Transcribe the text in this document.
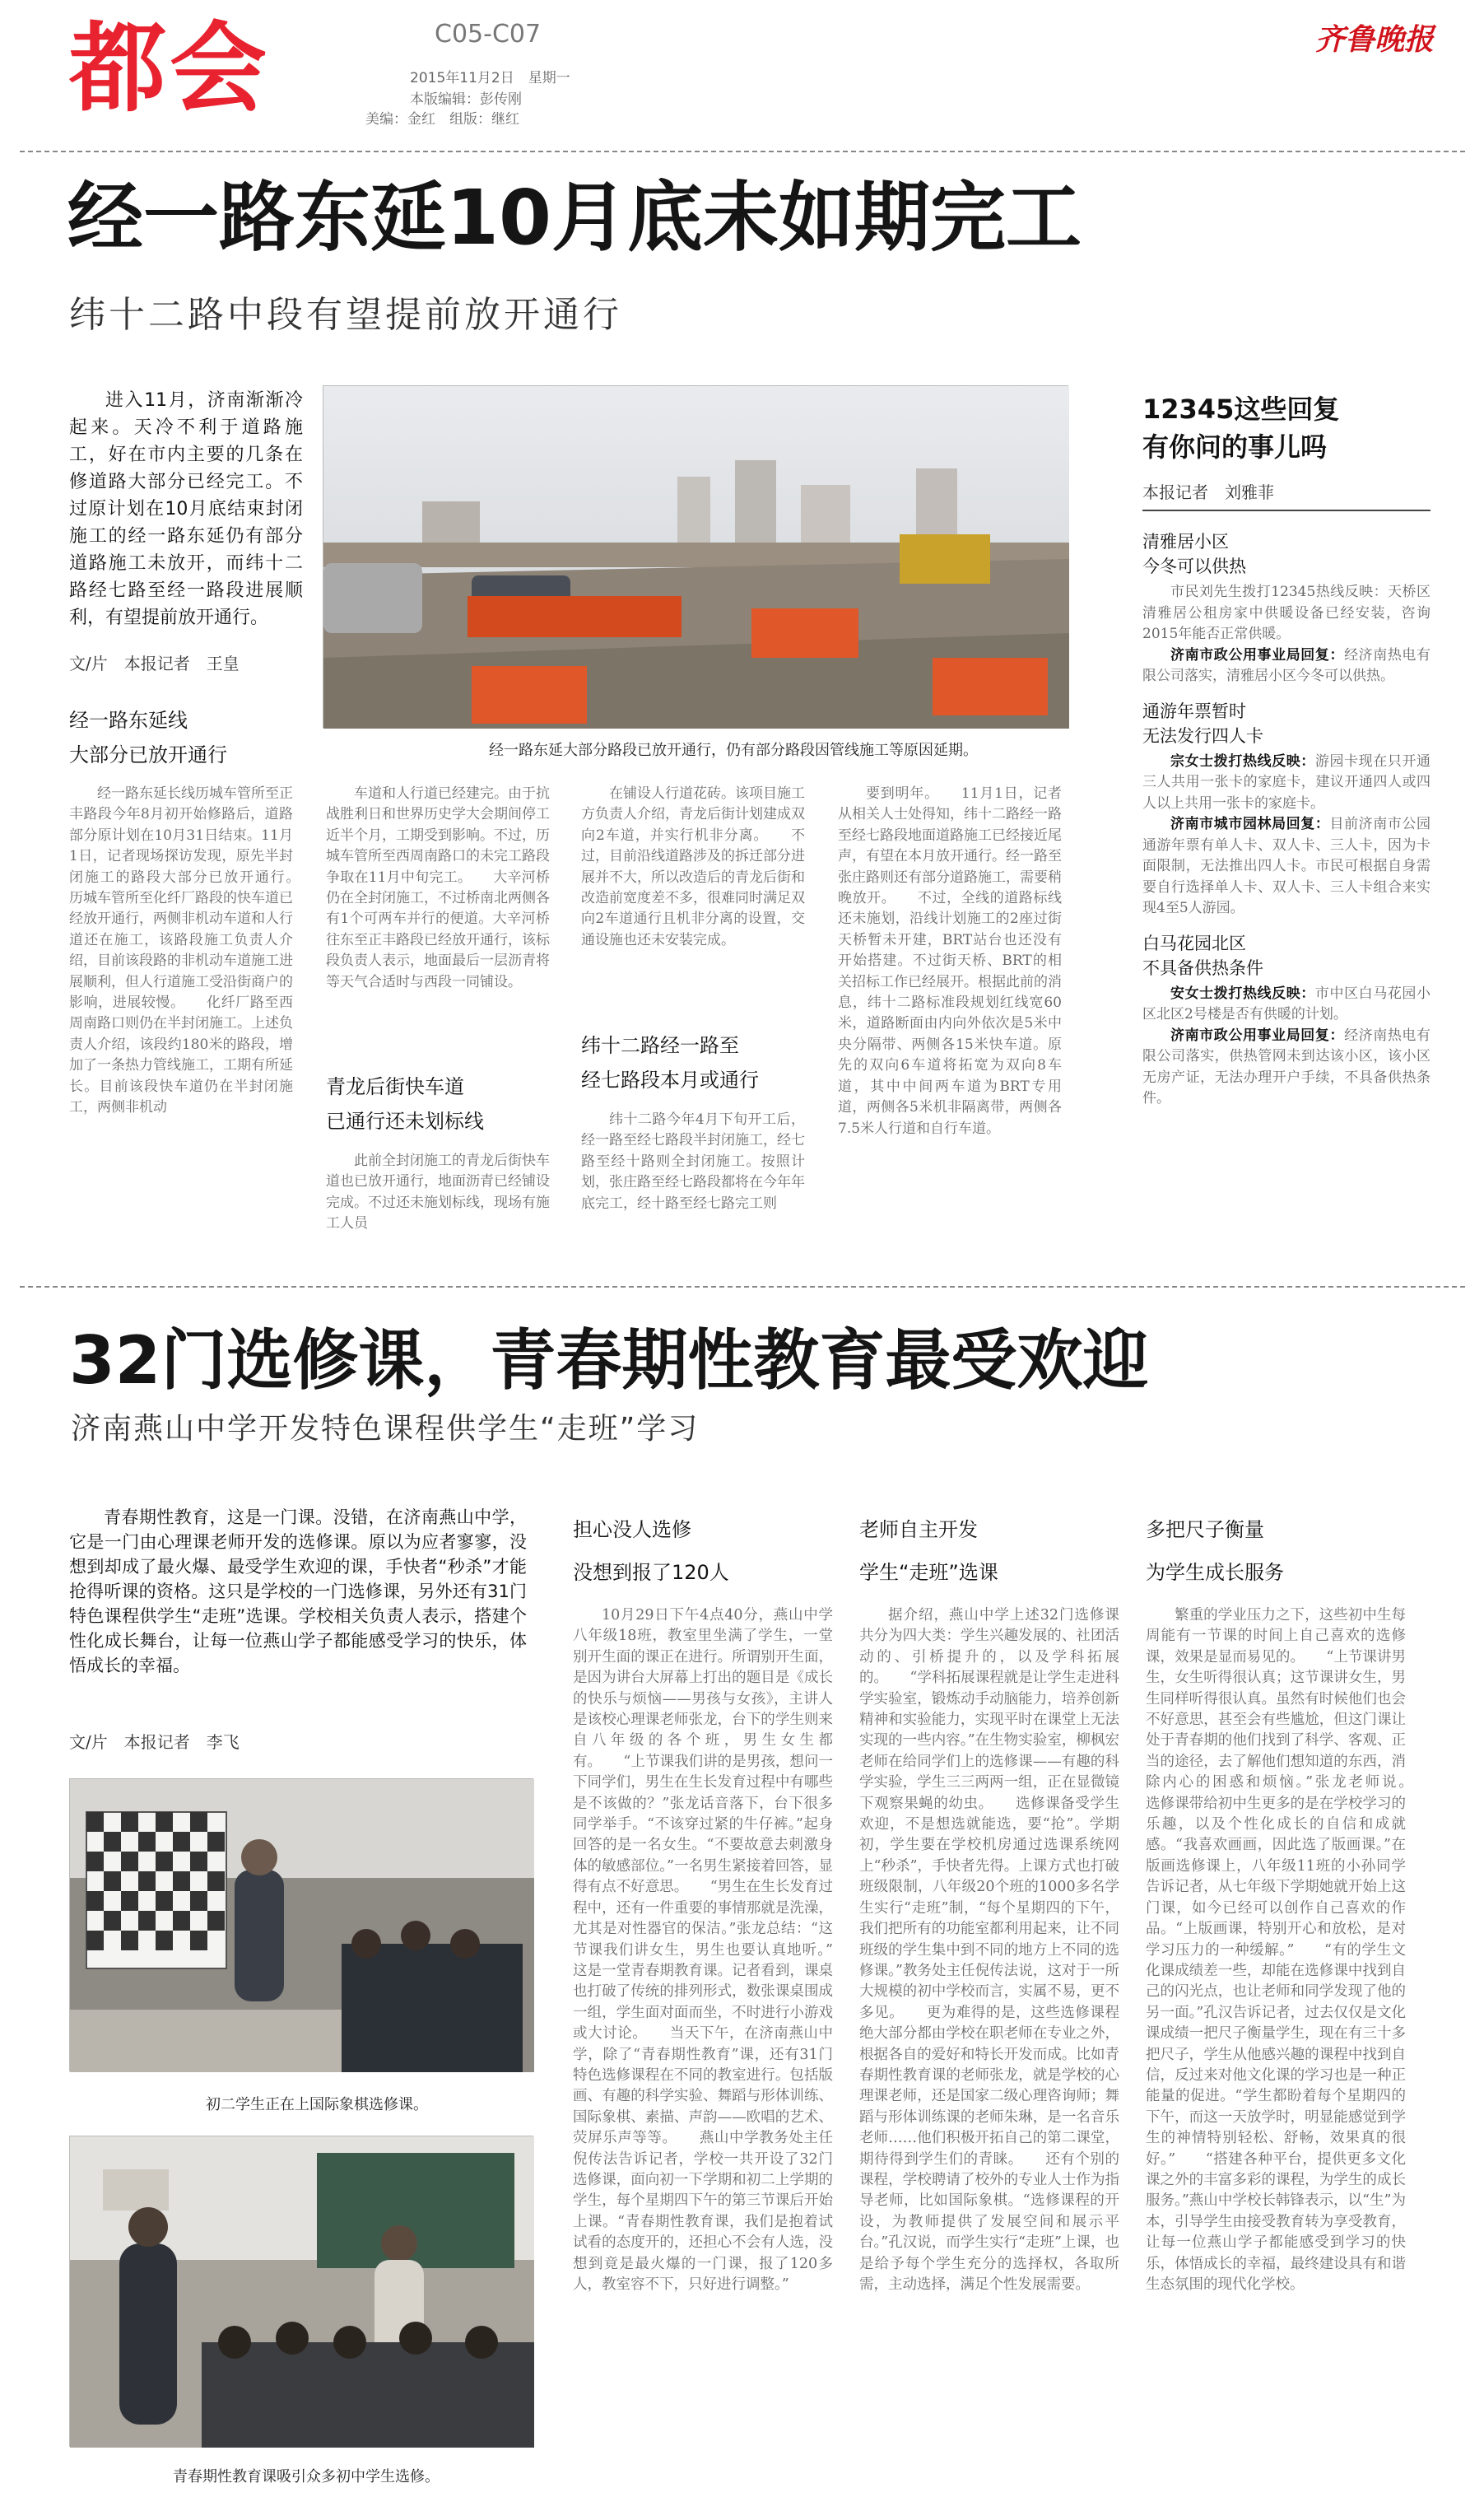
都会	C05-C07
2015年11月2日　星期一
本版编辑：彭传刚
美编：金红　组版：继红
齐鲁晚报
经一路东延10月底未如期完工
纬十二路中段有望提前放开通行
进入11月，济南渐渐冷起来。天冷不利于道路施工，好在市内主要的几条在修道路大部分已经完工。不过原计划在10月底结束封闭施工的经一路东延仍有部分道路施工未放开，而纬十二路经七路至经一路段进展顺利，有望提前放开通行。
文/片　本报记者　王皇
经一路东延线
大部分已放开通行	经一路东延大部分路段已放开通行，仍有部分路段因管线施工等原因延期。
经一路东延长线历城车管所至正丰路段今年8月初开始修路后，道路部分原计划在10月31日结束。11月1日，记者现场探访发现，原先半封闭施工的路段大部分已放开通行。　　历城车管所至化纤厂路段的快车道已经放开通行，两侧非机动车道和人行道还在施工，该路段施工负责人介绍，目前该段路的非机动车道施工进展顺利，但人行道施工受沿街商户的影响，进展较慢。　　化纤厂路至西周南路口则仍在半封闭施工。上述负责人介绍，该段约180米的路段，增加了一条热力管线施工，工期有所延长。目前该段快车道仍在半封闭施工，两侧非机动
车道和人行道已经建完。由于抗战胜利日和世界历史学大会期间停工近半个月，工期受到影响。不过，历城车管所至西周南路口的未完工路段争取在11月中旬完工。　　大辛河桥仍在全封闭施工，不过桥南北两侧各有1个可两车并行的便道。大辛河桥往东至正丰路段已经放开通行，该标段负责人表示，地面最后一层沥青将等天气合适时与西段一同铺设。
青龙后街快车道
已通行还未划标线
此前全封闭施工的青龙后街快车道也已放开通行，地面沥青已经铺设完成。不过还未施划标线，现场有施工人员
在铺设人行道花砖。该项目施工方负责人介绍，青龙后街计划建成双向2车道，并实行机非分离。　　不过，目前沿线道路涉及的拆迁部分进展并不大，所以改造后的青龙后街和改造前宽度差不多，很难同时满足双向2车道通行且机非分离的设置，交通设施也还未安装完成。
纬十二路经一路至
经七路段本月或通行
纬十二路今年4月下旬开工后，经一路至经七路段半封闭施工，经七路至经十路则全封闭施工。按照计划，张庄路至经七路段都将在今年年底完工，经十路至经七路完工则
要到明年。　　11月1日，记者从相关人士处得知，纬十二路经一路至经七路段地面道路施工已经接近尾声，有望在本月放开通行。经一路至张庄路则还有部分道路施工，需要稍晚放开。　　不过，全线的道路标线还未施划，沿线计划施工的2座过街天桥暂未开建，BRT站台也还没有开始搭建。不过街天桥、BRT的相关招标工作已经展开。根据此前的消息，纬十二路标准段规划红线宽60米，道路断面由内向外依次是5米中央分隔带、两侧各15米快车道。原先的双向6车道将拓宽为双向8车道，其中中间两车道为BRT专用道，两侧各5米机非隔离带，两侧各7.5米人行道和自行车道。
12345这些回复
有你问的事儿吗
本报记者　刘雅菲
清雅居小区
今冬可以供热

市民刘先生拨打12345热线反映：天桥区清雅居公租房家中供暖设备已经安装，咨询2015年能否正常供暖。

济南市政公用事业局回复：经济南热电有限公司落实，清雅居小区今冬可以供热。

通游年票暂时
无法发行四人卡

宗女士拨打热线反映：游园卡现在只开通三人共用一张卡的家庭卡，建议开通四人或四人以上共用一张卡的家庭卡。

济南市城市园林局回复：目前济南市公园通游年票有单人卡、双人卡、三人卡，因为卡面限制，无法推出四人卡。市民可根据自身需要自行选择单人卡、双人卡、三人卡组合来实现4至5人游园。

白马花园北区
不具备供热条件

安女士拨打热线反映：市中区白马花园小区北区2号楼是否有供暖的计划。

济南市政公用事业局回复：经济南热电有限公司落实，供热管网未到达该小区，该小区无房产证，无法办理开户手续，不具备供热条件。

32门选修课，青春期性教育最受欢迎
济南燕山中学开发特色课程供学生“走班”学习
青春期性教育，这是一门课。没错，在济南燕山中学，它是一门由心理课老师开发的选修课。原以为应者寥寥，没想到却成了最火爆、最受学生欢迎的课，手快者“秒杀”才能抢得听课的资格。这只是学校的一门选修课，另外还有31门特色课程供学生“走班”选课。学校相关负责人表示，搭建个性化成长舞台，让每一位燕山学子都能感受学习的快乐，体悟成长的幸福。
文/片　本报记者　李飞
初二学生正在上国际象棋选修课。
青春期性教育课吸引众多初中学生选修。
担心没人选修
没想到报了120人
10月29日下午4点40分，燕山中学八年级18班，教室里坐满了学生，一堂别开生面的课正在进行。所谓别开生面，是因为讲台大屏幕上打出的题目是《成长的快乐与烦恼——男孩与女孩》，主讲人是该校心理课老师张龙，台下的学生则来自八年级的各个班，男生女生都有。　　“上节课我们讲的是男孩，想问一下同学们，男生在生长发育过程中有哪些是不该做的？”张龙话音落下，台下很多同学举手。“不该穿过紧的牛仔裤。”起身回答的是一名女生。“不要故意去刺激身体的敏感部位。”一名男生紧接着回答，显得有点不好意思。　　“男生在生长发育过程中，还有一件重要的事情那就是洗澡，尤其是对性器官的保洁。”张龙总结：“这节课我们讲女生，男生也要认真地听。”　　这是一堂青春期教育课。记者看到，课桌也打破了传统的排列形式，数张课桌围成一组，学生面对面而坐，不时进行小游戏或大讨论。　　当天下午，在济南燕山中学，除了“青春期性教育”课，还有31门特色选修课程在不同的教室进行。包括版画、有趣的科学实验、舞蹈与形体训练、国际象棋、素描、声韵——欧唱的艺术、荧屏乐声等等。　　燕山中学教务处主任倪传法告诉记者，学校一共开设了32门选修课，面向初一下学期和初二上学期的学生，每个星期四下午的第三节课后开始上课。“青春期性教育课，我们是抱着试试看的态度开的，还担心不会有人选，没想到竟是最火爆的一门课，报了120多人，教室容不下，只好进行调整。”
老师自主开发
学生“走班”选课
据介绍，燕山中学上述32门选修课共分为四大类：学生兴趣发展的、社团活动的、引桥提升的，以及学科拓展的。　　“学科拓展课程就是让学生走进科学实验室，锻炼动手动脑能力，培养创新精神和实验能力，实现平时在课堂上无法实现的一些内容。”在生物实验室，柳枫宏老师在给同学们上的选修课——有趣的科学实验，学生三三两两一组，正在显微镜下观察果蝇的幼虫。　　选修课备受学生欢迎，不是想选就能选，要“抢”。学期初，学生要在学校机房通过选课系统网上“秒杀”，手快者先得。上课方式也打破班级限制，八年级20个班的1000多名学生实行“走班”制，“每个星期四的下午，我们把所有的功能室都利用起来，让不同班级的学生集中到不同的地方上不同的选修课。”教务处主任倪传法说，这对于一所大规模的初中学校而言，实属不易，更不多见。　　更为难得的是，这些选修课程绝大部分都由学校在职老师在专业之外，根据各自的爱好和特长开发而成。比如青春期性教育课的老师张龙，就是学校的心理课老师，还是国家二级心理咨询师；舞蹈与形体训练课的老师朱琳，是一名音乐老师……他们积极开拓自己的第二课堂，期待得到学生们的青睐。　　还有个别的课程，学校聘请了校外的专业人士作为指导老师，比如国际象棋。“选修课程的开设，为教师提供了发展空间和展示平台。”孔汉说，而学生实行“走班”上课，也是给予每个学生充分的选择权，各取所需，主动选择，满足个性发展需要。
多把尺子衡量
为学生成长服务
繁重的学业压力之下，这些初中生每周能有一节课的时间上自己喜欢的选修课，效果是显而易见的。　　“上节课讲男生，女生听得很认真；这节课讲女生，男生同样听得很认真。虽然有时候他们也会不好意思，甚至会有些尴尬，但这门课让处于青春期的他们找到了科学、客观、正当的途径，去了解他们想知道的东西，消除内心的困惑和烦恼。”张龙老师说。　　选修课带给初中生更多的是在学校学习的乐趣，以及个性化成长的自信和成就感。“我喜欢画画，因此选了版画课。”在版画选修课上，八年级11班的小孙同学告诉记者，从七年级下学期她就开始上这门课，如今已经可以创作自己喜欢的作品。“上版画课，特别开心和放松，是对学习压力的一种缓解。”　　“有的学生文化课成绩差一些，却能在选修课中找到自己的闪光点，也让老师和同学发现了他的另一面。”孔汉告诉记者，过去仅仅是文化课成绩一把尺子衡量学生，现在有三十多把尺子，学生从他感兴趣的课程中找到自信，反过来对他文化课的学习也是一种正能量的促进。“学生都盼着每个星期四的下午，而这一天放学时，明显能感觉到学生的神情特别轻松、舒畅，效果真的很好。”　　“搭建各种平台，提供更多文化课之外的丰富多彩的课程，为学生的成长服务。”燕山中学校长韩锋表示，以“生”为本，引导学生由接受教育转为享受教育，让每一位燕山学子都能感受到学习的快乐，体悟成长的幸福，最终建设具有和谐生态氛围的现代化学校。
